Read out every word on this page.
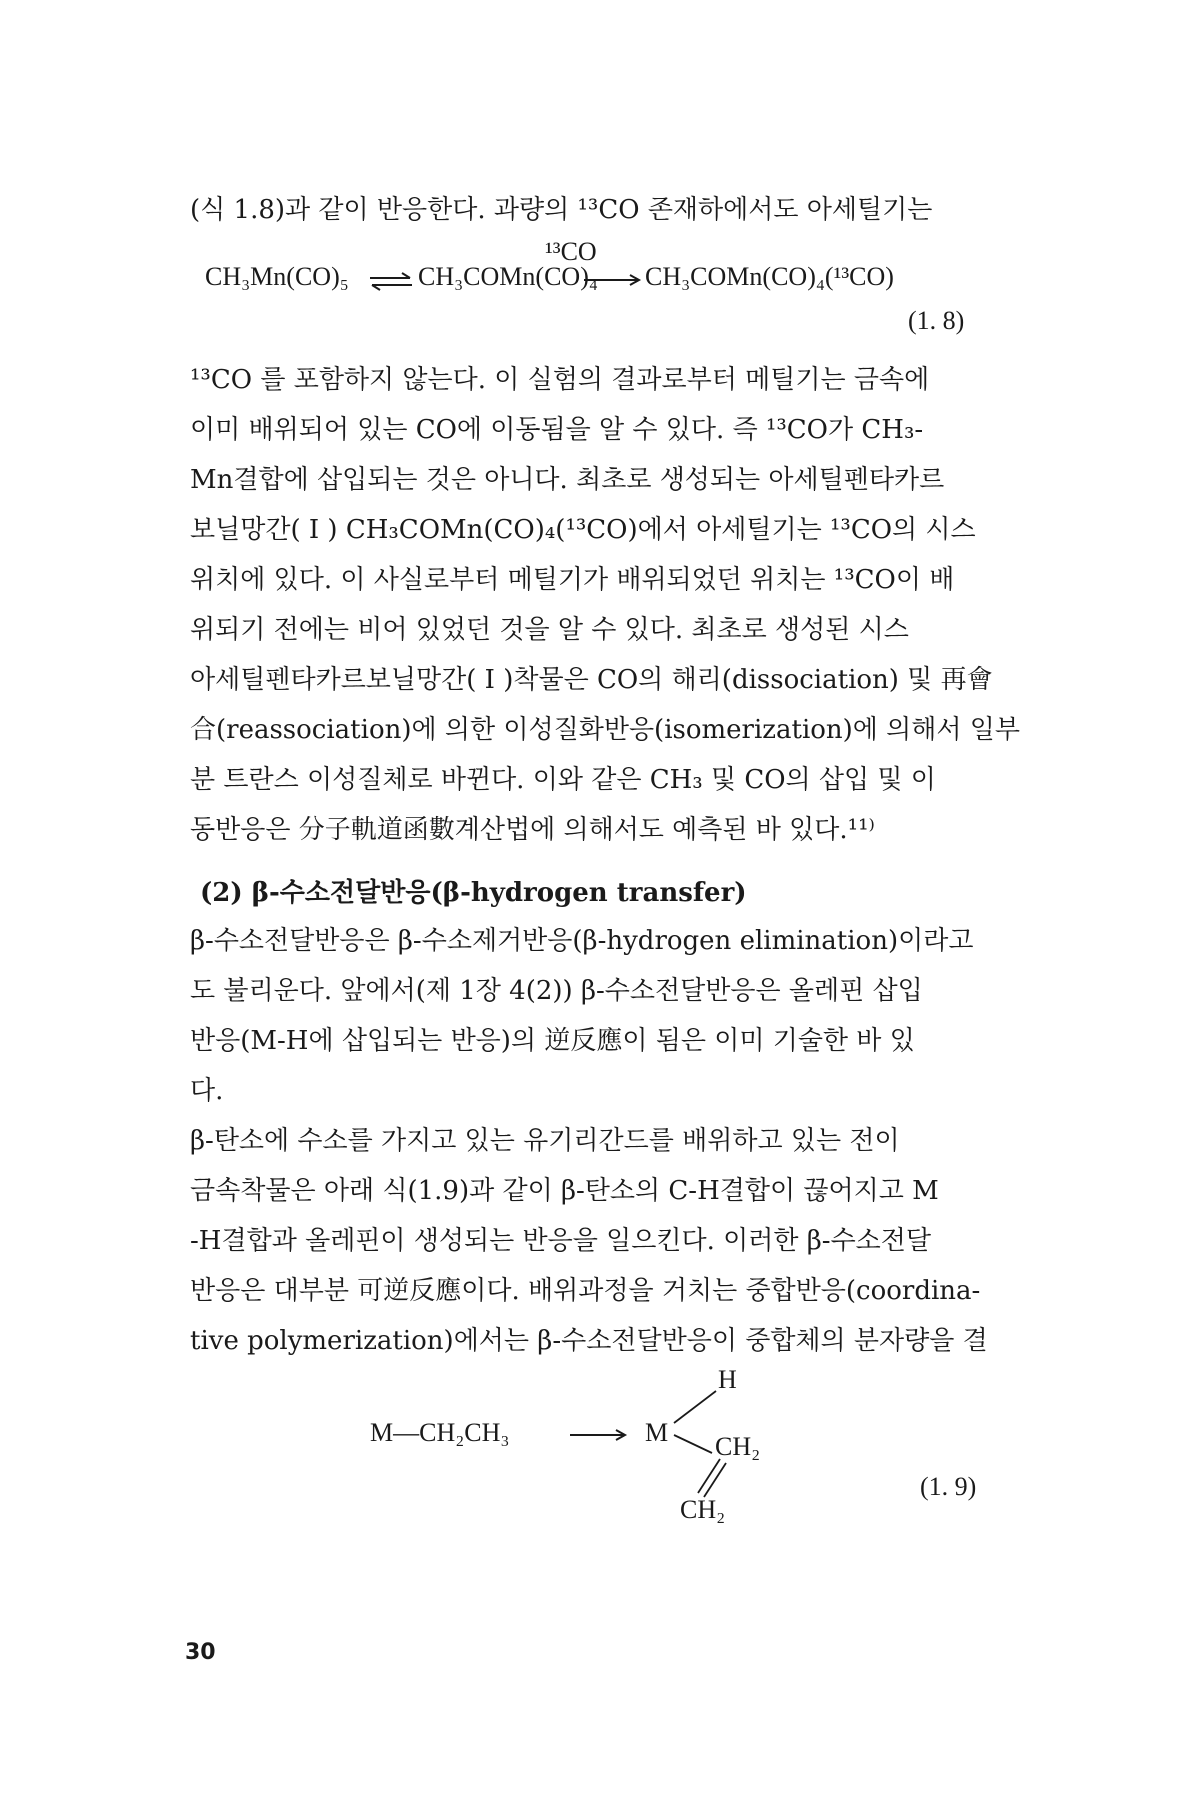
(식 1.8)과 같이 반응한다. 과량의 ¹³CO 존재하에서도 아세틸기는
¹³CO
CH₃Mn(CO)₅ ⇌ CH₃COMn(CO)₄ → CH₃COMn(CO)₄(¹³CO)
(1. 8)
¹³CO 를 포함하지 않는다. 이 실험의 결과로부터 메틸기는 금속에
이미 배위되어 있는 CO에 이동됨을 알 수 있다. 즉 ¹³CO가 CH₃-
Mn결합에 삽입되는 것은 아니다. 최초로 생성되는 아세틸펜타카르
보닐망간( I ) CH₃COMn(CO)₄(¹³CO)에서 아세틸기는 ¹³CO의 시스
위치에 있다. 이 사실로부터 메틸기가 배위되었던 위치는 ¹³CO이 배
위되기 전에는 비어 있었던 것을 알 수 있다. 최초로 생성된 시스
아세틸펜타카르보닐망간( I )착물은 CO의 해리(dissociation) 및 再會
合(reassociation)에 의한 이성질화반응(isomerization)에 의해서 일부
분 트란스 이성질체로 바뀐다. 이와 같은 CH₃ 및 CO의 삽입 및 이
동반응은 分子軌道函數계산법에 의해서도 예측된 바 있다.¹¹⁾
(2) β-수소전달반응(β-hydrogen transfer)
β-수소전달반응은 β-수소제거반응(β-hydrogen elimination)이라고
도 불리운다. 앞에서(제 1장 4(2)) β-수소전달반응은 올레핀 삽입
반응(M-H에 삽입되는 반응)의 逆反應이 됨은 이미 기술한 바 있
다.
β-탄소에 수소를 가지고 있는 유기리간드를 배위하고 있는 전이
금속착물은 아래 식(1.9)과 같이 β-탄소의 C-H결합이 끊어지고 M
-H결합과 올레핀이 생성되는 반응을 일으킨다. 이러한 β-수소전달
반응은 대부분 可逆反應이다. 배위과정을 거치는 중합반응(coordina-
tive polymerization)에서는 β-수소전달반응이 중합체의 분자량을 결
M—CH₂CH₃	→ M
H
CH₂
CH₂
(1. 9)
30
